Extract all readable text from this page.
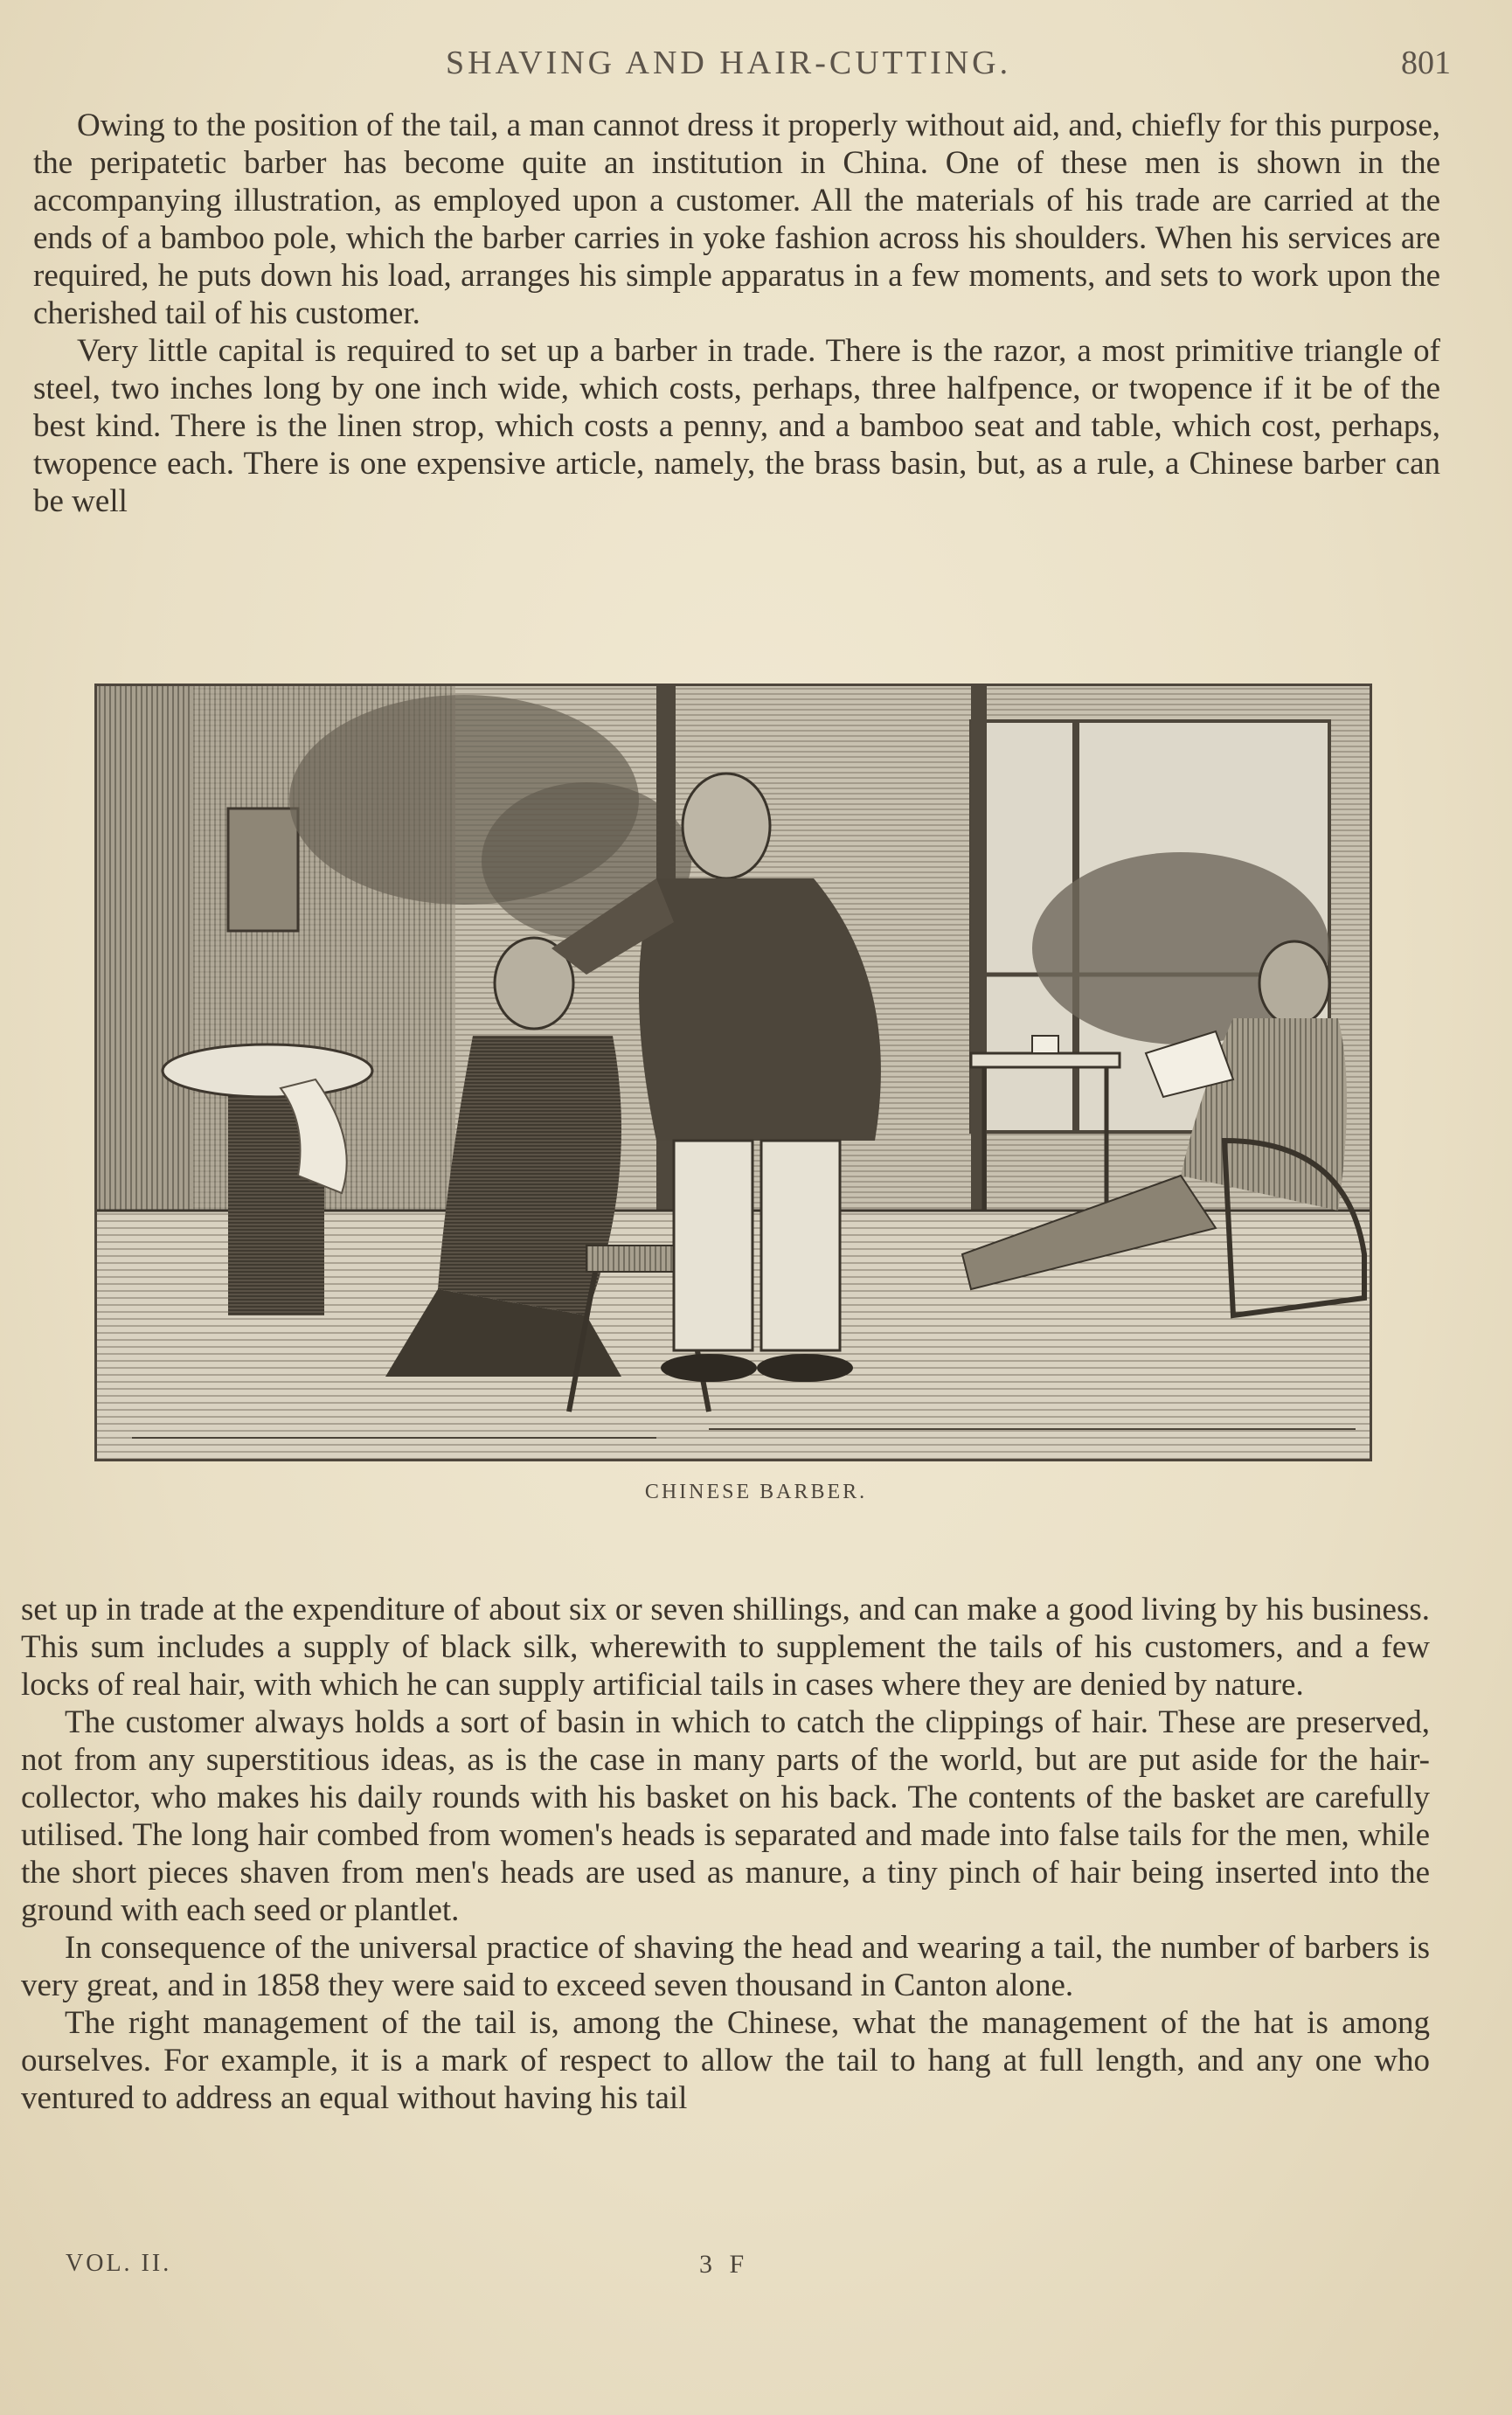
SHAVING AND HAIR-CUTTING.	801

Owing to the position of the tail, a man cannot dress it properly without aid, and, chiefly for this purpose, the peripatetic barber has become quite an institution in China. One of these men is shown in the accompanying illustration, as employed upon a customer. All the materials of his trade are carried at the ends of a bamboo pole, which the barber carries in yoke fashion across his shoulders. When his services are required, he puts down his load, arranges his simple apparatus in a few moments, and sets to work upon the cherished tail of his customer.

Very little capital is required to set up a barber in trade. There is the razor, a most primitive triangle of steel, two inches long by one inch wide, which costs, perhaps, three halfpence, or twopence if it be of the best kind. There is the linen strop, which costs a penny, and a bamboo seat and table, which cost, perhaps, twopence each. There is one expensive article, namely, the brass basin, but, as a rule, a Chinese barber can be well

CHINESE BARBER.

set up in trade at the expenditure of about six or seven shillings, and can make a good living by his business. This sum includes a supply of black silk, wherewith to supplement the tails of his customers, and a few locks of real hair, with which he can supply artificial tails in cases where they are denied by nature.

The customer always holds a sort of basin in which to catch the clippings of hair. These are preserved, not from any superstitious ideas, as is the case in many parts of the world, but are put aside for the hair-collector, who makes his daily rounds with his basket on his back. The contents of the basket are carefully utilised. The long hair combed from women's heads is separated and made into false tails for the men, while the short pieces shaven from men's heads are used as manure, a tiny pinch of hair being inserted into the ground with each seed or plantlet.

In consequence of the universal practice of shaving the head and wearing a tail, the number of barbers is very great, and in 1858 they were said to exceed seven thousand in Canton alone.

The right management of the tail is, among the Chinese, what the management of the hat is among ourselves. For example, it is a mark of respect to allow the tail to hang at full length, and any one who ventured to address an equal without having his tail

VOL. II.	3 F
